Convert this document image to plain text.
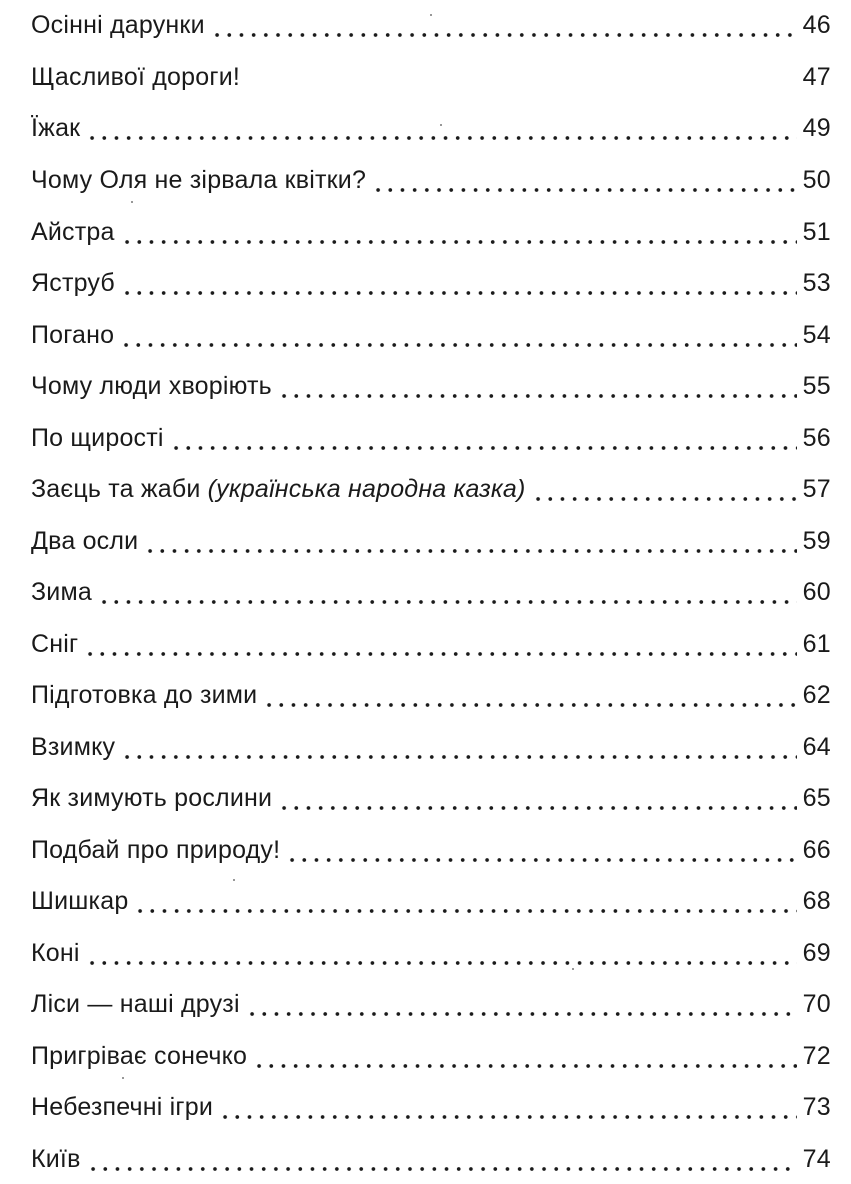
Осінні дарунки	46
Щасливої дороги!	47
Їжак	49
Чому Оля не зірвала квітки?	50
Айстра	51
Яструб	53
Погано	54
Чому люди хворіють	55
По щирості	56
Заєць та жаби (українська народна казка)	57
Два осли	59
Зима	60
Сніг	61
Підготовка до зими	62
Взимку	64
Як зимують рослини	65
Подбай про природу!	66
Шишкар	68
Коні	69
Ліси — наші друзі	70
Пригріває сонечко	72
Небезпечні ігри	73
Київ	74
